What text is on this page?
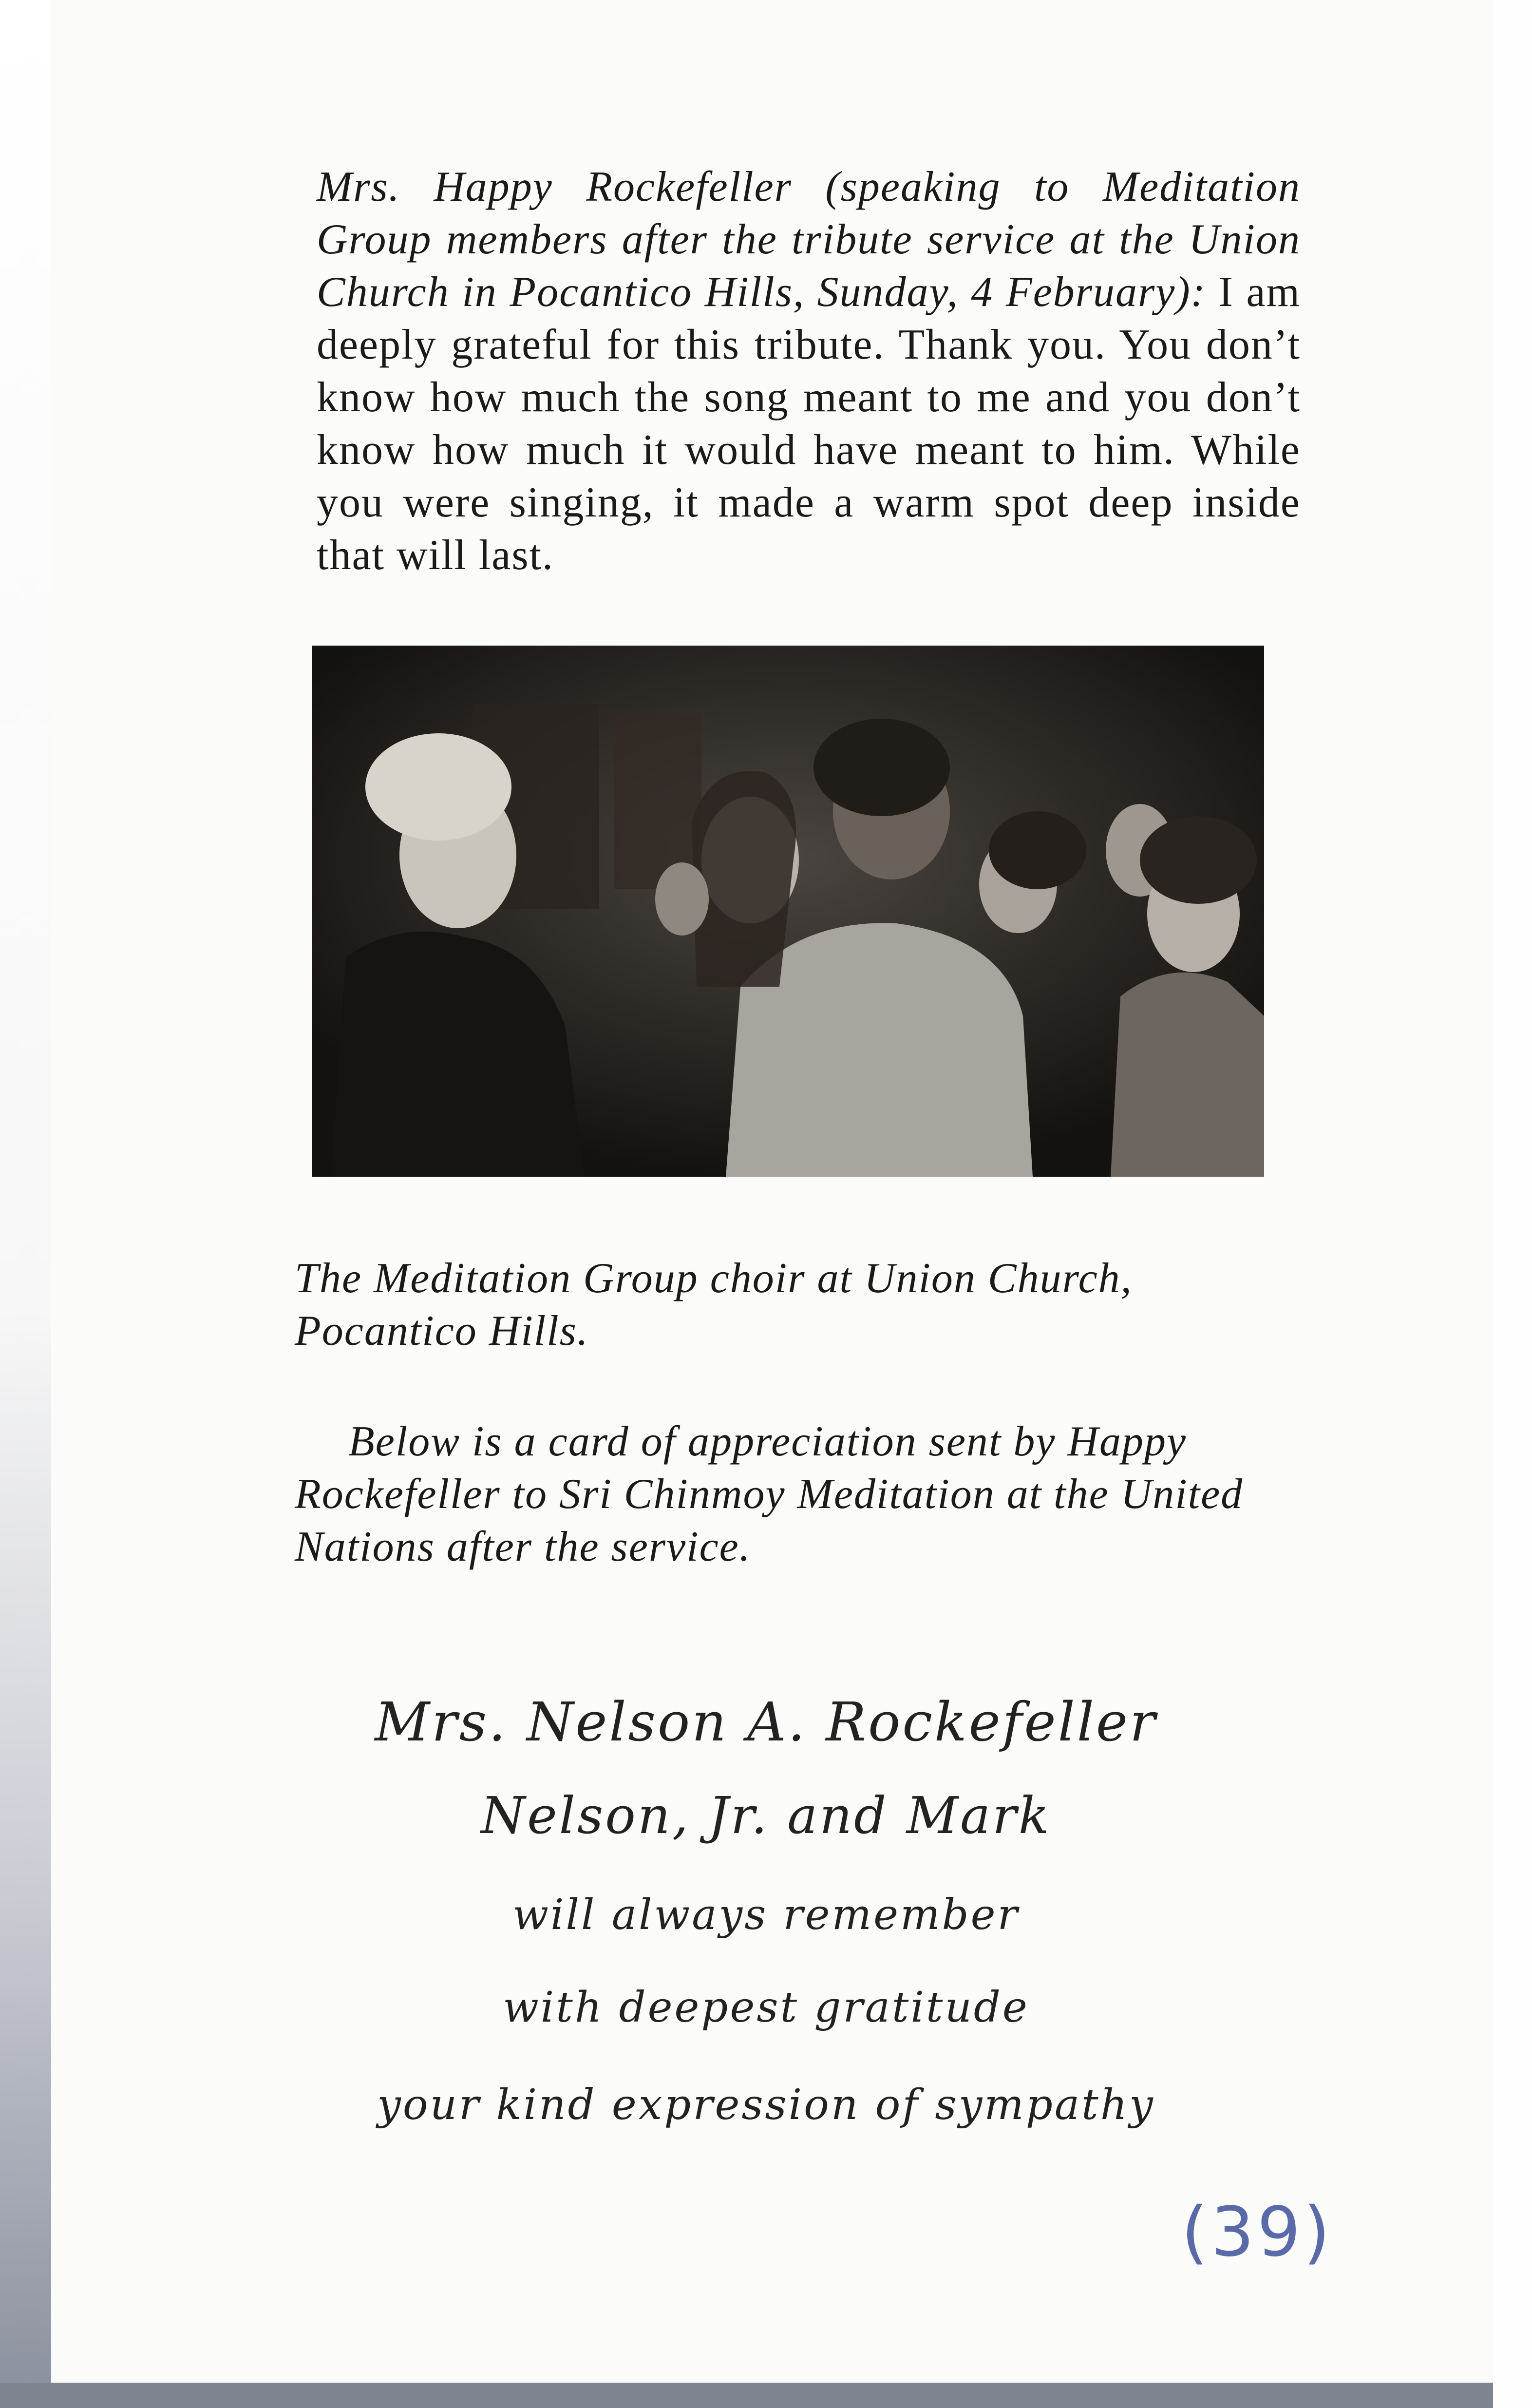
Mrs. Happy Rockefeller (speaking to Meditation Group members after the tribute service at the Union Church in Pocantico Hills, Sunday, 4 February): I am deeply grateful for this tribute. Thank you. You don’t know how much the song meant to me and you don’t know how much it would have meant to him. While you were singing, it made a warm spot deep inside that will last.

The Meditation Group choir at Union Church, Pocantico Hills.

Below is a card of appreciation sent by Happy Rockefeller to Sri Chinmoy Meditation at the United Nations after the service.

Mrs. Nelson A. Rockefeller
Nelson, Jr. and Mark
will always remember
with deepest gratitude
your kind expression of sympathy
(39)
